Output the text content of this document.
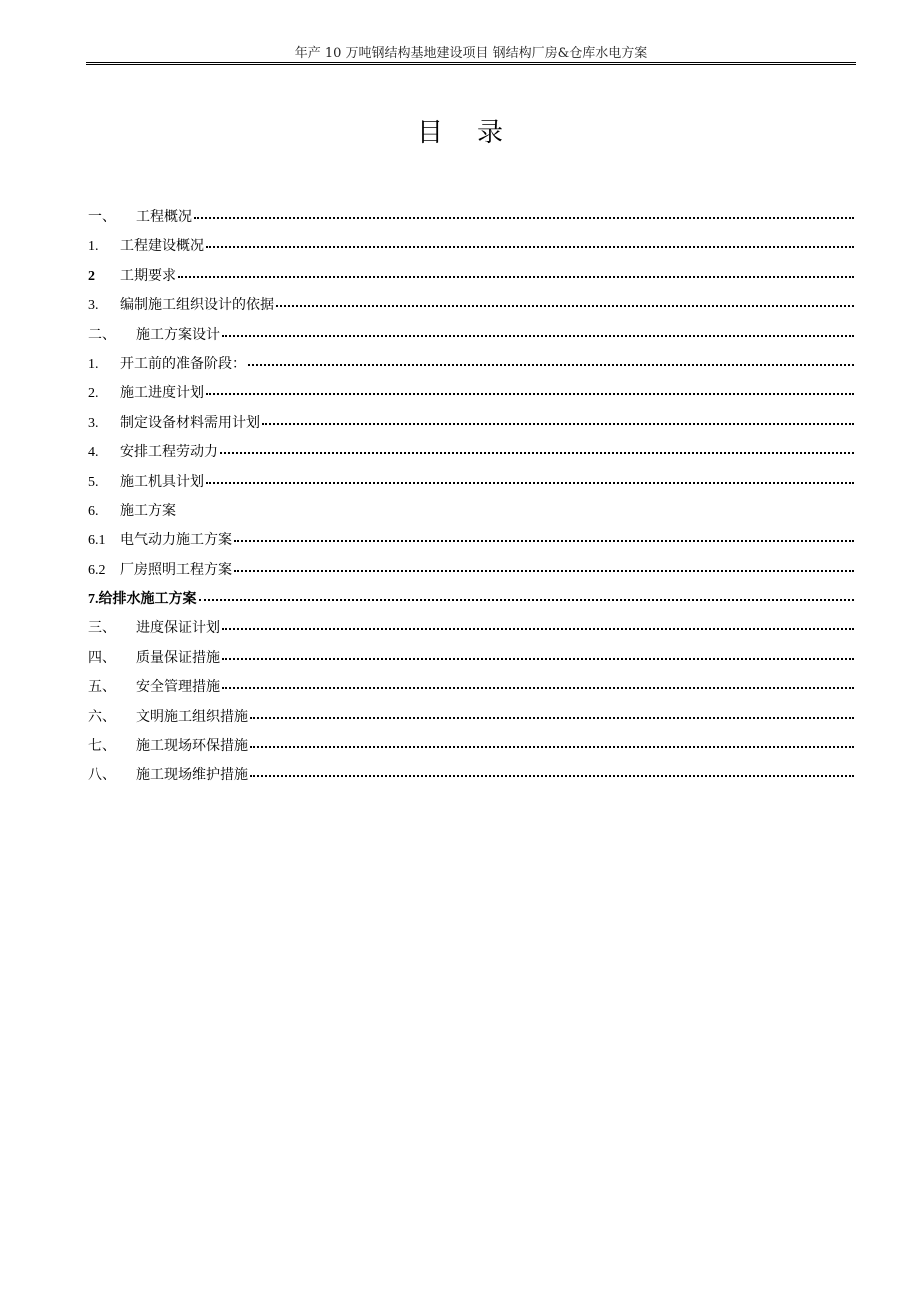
年产 10 万吨钢结构基地建设项目 钢结构厂房&仓库水电方案
目录
一、	工程概况
1.	工程建设概况
2	工期要求
3.	编制施工组织设计的依据
二、	施工方案设计
1.	开工前的准备阶段：
2.	施工进度计划
3.	制定设备材料需用计划
4.	安排工程劳动力
5.	施工机具计划
6.	施工方案
6.1	电气动力施工方案
6.2	厂房照明工程方案
7. 给排水施工方案
三、	进度保证计划
四、	质量保证措施
五、	安全管理措施
六、	文明施工组织措施
七、	施工现场环保措施
八、	施工现场维护措施
